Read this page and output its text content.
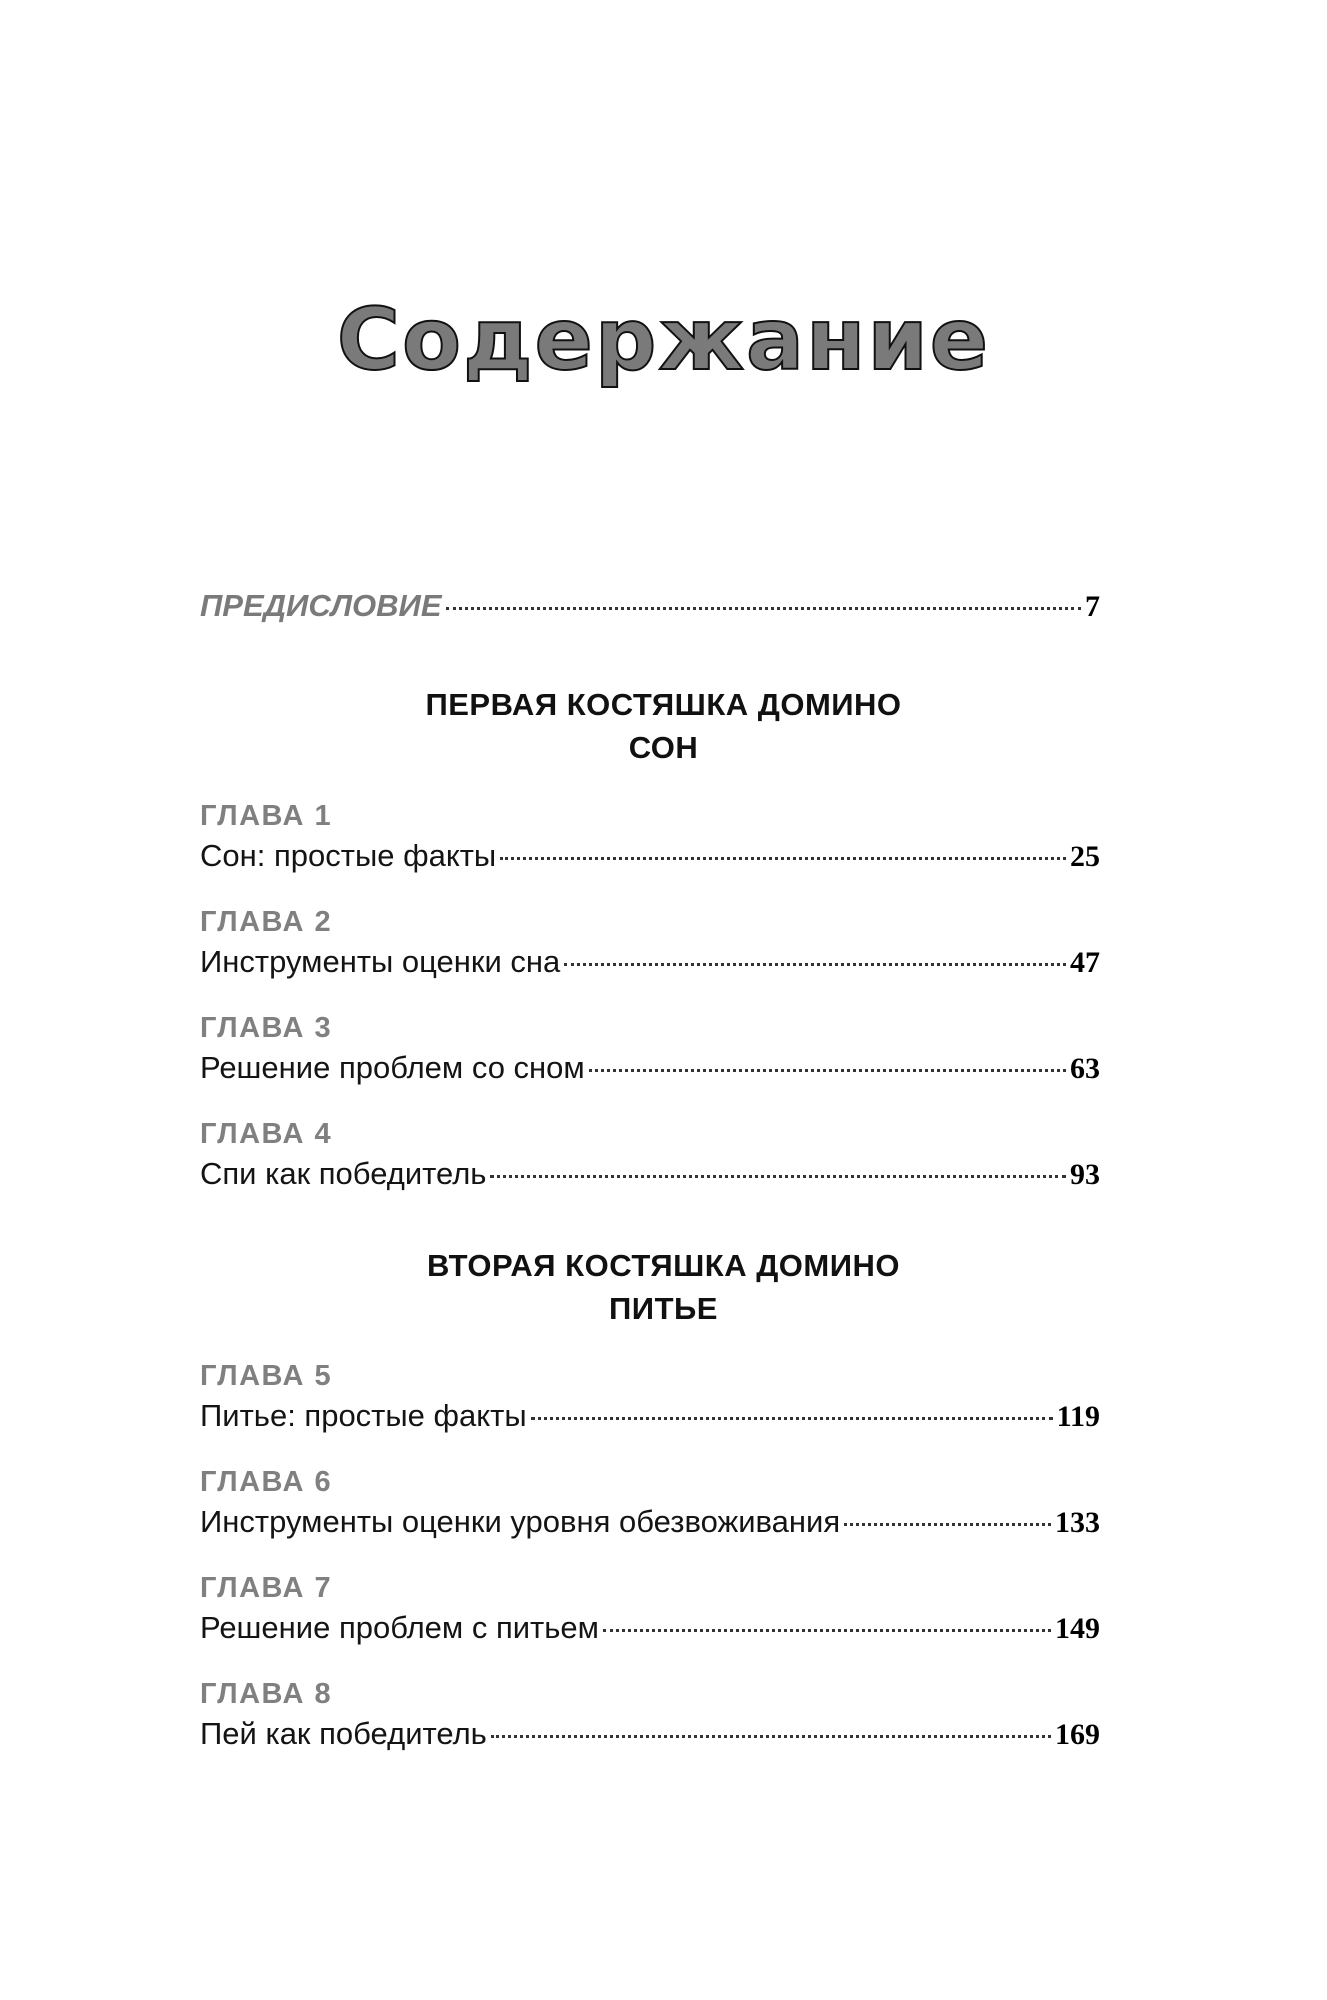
Содержание
ПРЕДИСЛОВИЕ	7
ПЕРВАЯ КОСТЯШКА ДОМИНО
СОН
ГЛАВА 1
Сон: простые факты	25
ГЛАВА 2
Инструменты оценки сна	47
ГЛАВА 3
Решение проблем со сном	63
ГЛАВА 4
Спи как победитель	93
ВТОРАЯ КОСТЯШКА ДОМИНО
ПИТЬЕ
ГЛАВА 5
Питье: простые факты	119
ГЛАВА 6
Инструменты оценки уровня обезвоживания	133
ГЛАВА 7
Решение проблем с питьем	149
ГЛАВА 8
Пей как победитель	169
